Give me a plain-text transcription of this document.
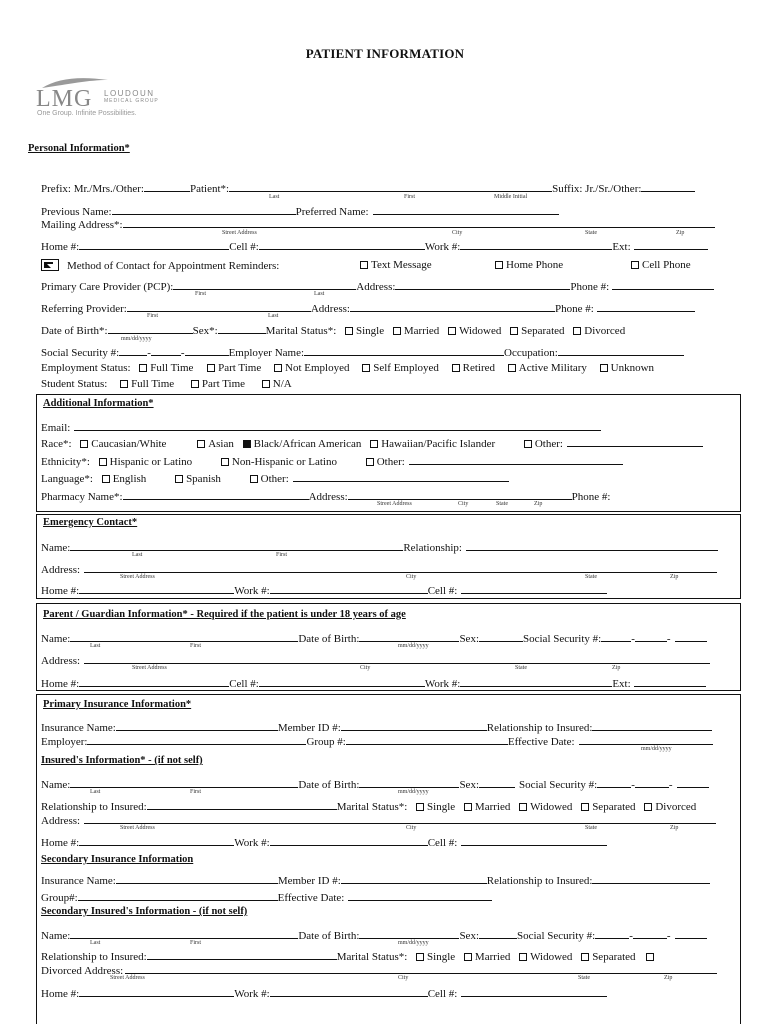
PATIENT INFORMATION
LMG LOUDOUN
MEDICAL GROUP
One Group. Infinite Possibilities.
Personal Information*
Prefix: Mr./Mrs./Other:	Patient*:	Suffix: Jr./Sr./Other:
Last	First	Middle Initial
Previous Name:	Preferred Name:
Mailing Address*:
Street Address	City	State	Zip
Home #:	Cell #:	Work #:	Ext:
Method of Contact for Appointment Reminders:	Text Message	Home Phone	Cell Phone
Primary Care Provider (PCP):	Address:	Phone #:
First	Last
Referring Provider:	Address:	Phone #:
First	Last
Date of Birth*:	Sex*:	Marital Status*: Single Married Widowed Separated Divorced
mm/dd/yyyy
Social Security #:	-	-	Employer Name:	Occupation:
Employment Status: Full Time Part Time Not Employed Self Employed Retired Active Military Unknown
Student Status: Full Time	Part Time	N/A
Additional Information*
Email:
Race*: Caucasian/White	Asian Black/African American Hawaiian/Pacific Islander	Other:
Ethnicity*: Hispanic or Latino	Non-Hispanic or Latino	Other:
Language*: English	Spanish	Other:
Pharmacy Name*:	Address:	Phone #:
Street Address	City	State	Zip
Emergency Contact*
Name:	Relationship:
Last	First
Address:
Street Address	City	State	Zip
Home #:	Work #:	Cell #:
Parent / Guardian Information* - Required if the patient is under 18 years of age
Name:	Date of Birth:	Sex:	Social Security #:	-	-
Last	First	mm/dd/yyyy
Address:
Street Address	City	State	Zip
Home #:	Cell #:	Work #:	Ext:
Primary Insurance Information*
Insurance Name:	Member ID #:	Relationship to Insured:
Employer:	Group #:	Effective Date:
mm/dd/yyyy
Insured's Information* - (if not self)
Name:	Date of Birth:	Sex:	Social Security #:	-	-
Last	First	mm/dd/yyyy
Relationship to Insured:	Marital Status*: Single Married Widowed Separated Divorced
Address:
Street Address	City	State	Zip
Home #:	Work #:	Cell #:
Secondary Insurance Information
Insurance Name:	Member ID #:	Relationship to Insured:
Group#:	Effective Date:
Secondary Insured's Information - (if not self)
Name:	Date of Birth:	Sex:	Social Security #:	-	-
Last	First	mm/dd/yyyy
Relationship to Insured:	Marital Status*: Single Married Widowed Separated
Divorced Address:
Street Address	City	State	Zip
Home #:	Work #:	Cell #:
